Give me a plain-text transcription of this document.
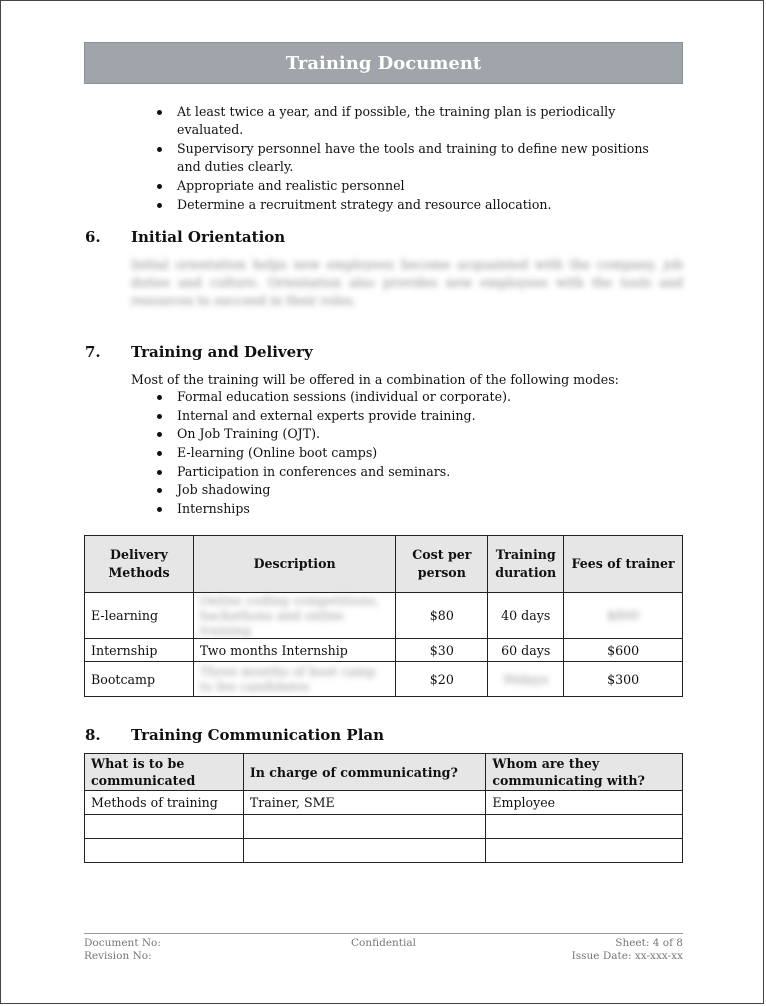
Training Document
At least twice a year, and if possible, the training plan is periodically evaluated.
Supervisory personnel have the tools and training to define new positions and duties clearly.
Appropriate and realistic personnel
Determine a recruitment strategy and resource allocation.
6. Initial Orientation
Initial orientation helps new employees become acquainted with the company, job duties and culture. Orientation also provides new employees with the tools and resources to succeed in their roles.
7. Training and Delivery
Most of the training will be offered in a combination of the following modes:
Formal education sessions (individual or corporate).
Internal and external experts provide training.
On Job Training (OJT).
E-learning (Online boot camps)
Participation in conferences and seminars.
Job shadowing
Internships
Delivery Methods	Description	Cost per person	Training duration	Fees of trainer
E-learning	Online coding competitions, hackathons and online training	$80	40 days	$800
Internship	Two months Internship	$30	60 days	$600
Bootcamp	Three months of boot camp to fee candidates	$20	90days	$300
8. Training Communication Plan
What is to be communicated	In charge of communicating?	Whom are they communicating with?
Methods of training	Trainer, SME	Employee

Confidential
Document No:	Sheet: 4 of 8
Revision No:	Issue Date: xx-xxx-xx
